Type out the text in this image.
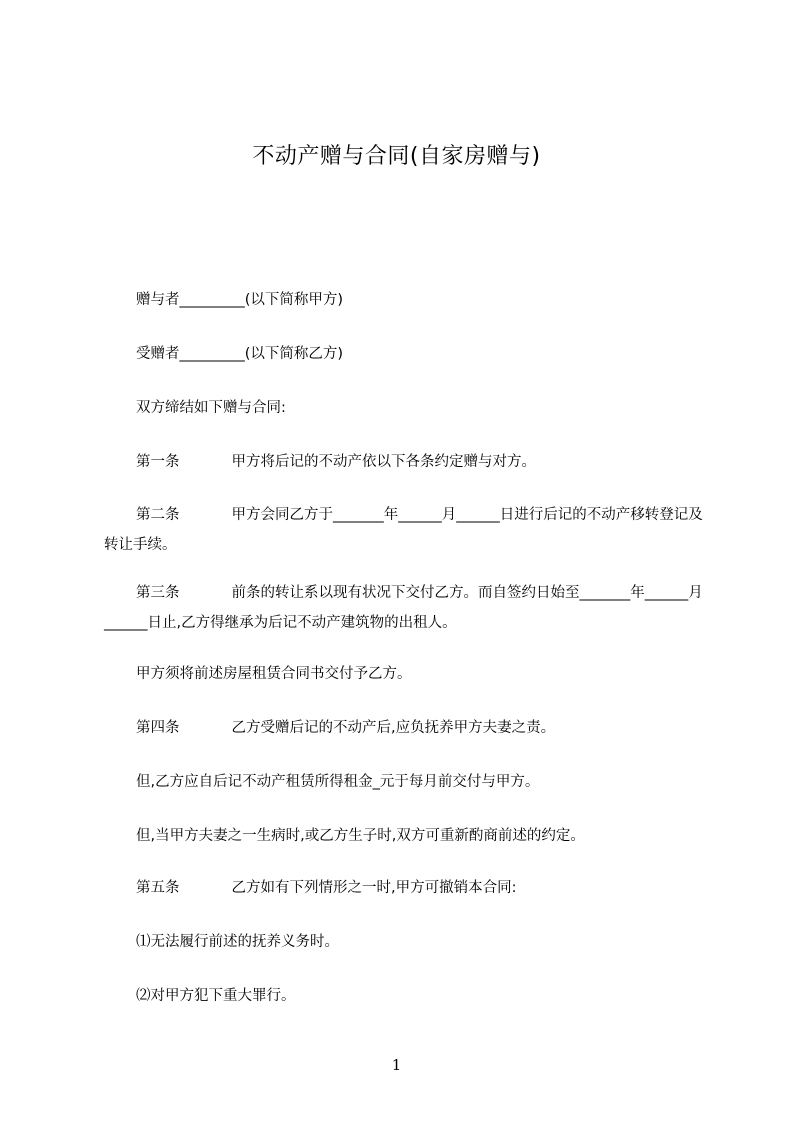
不动产赠与合同(自家房赠与)
赠与者_________(以下简称甲方)
受赠者_________(以下简称乙方)
双方缔结如下赠与合同:
第一条	甲方将后记的不动产依以下各条约定赠与对方。
第二条	甲方会同乙方于_______年______月______日进行后记的不动产移转登记及转让手续。
第三条	前条的转让系以现有状况下交付乙方。而自签约日始至_______年______月______日止,乙方得继承为后记不动产建筑物的出租人。
甲方须将前述房屋租赁合同书交付予乙方。
第四条	乙方受赠后记的不动产后,应负抚养甲方夫妻之责。
但,乙方应自后记不动产租赁所得租金_元于每月前交付与甲方。
但,当甲方夫妻之一生病时,或乙方生子时,双方可重新酌商前述的约定。
第五条	乙方如有下列情形之一时,甲方可撤销本合同:
⑴无法履行前述的抚养义务时。
⑵对甲方犯下重大罪行。
1
